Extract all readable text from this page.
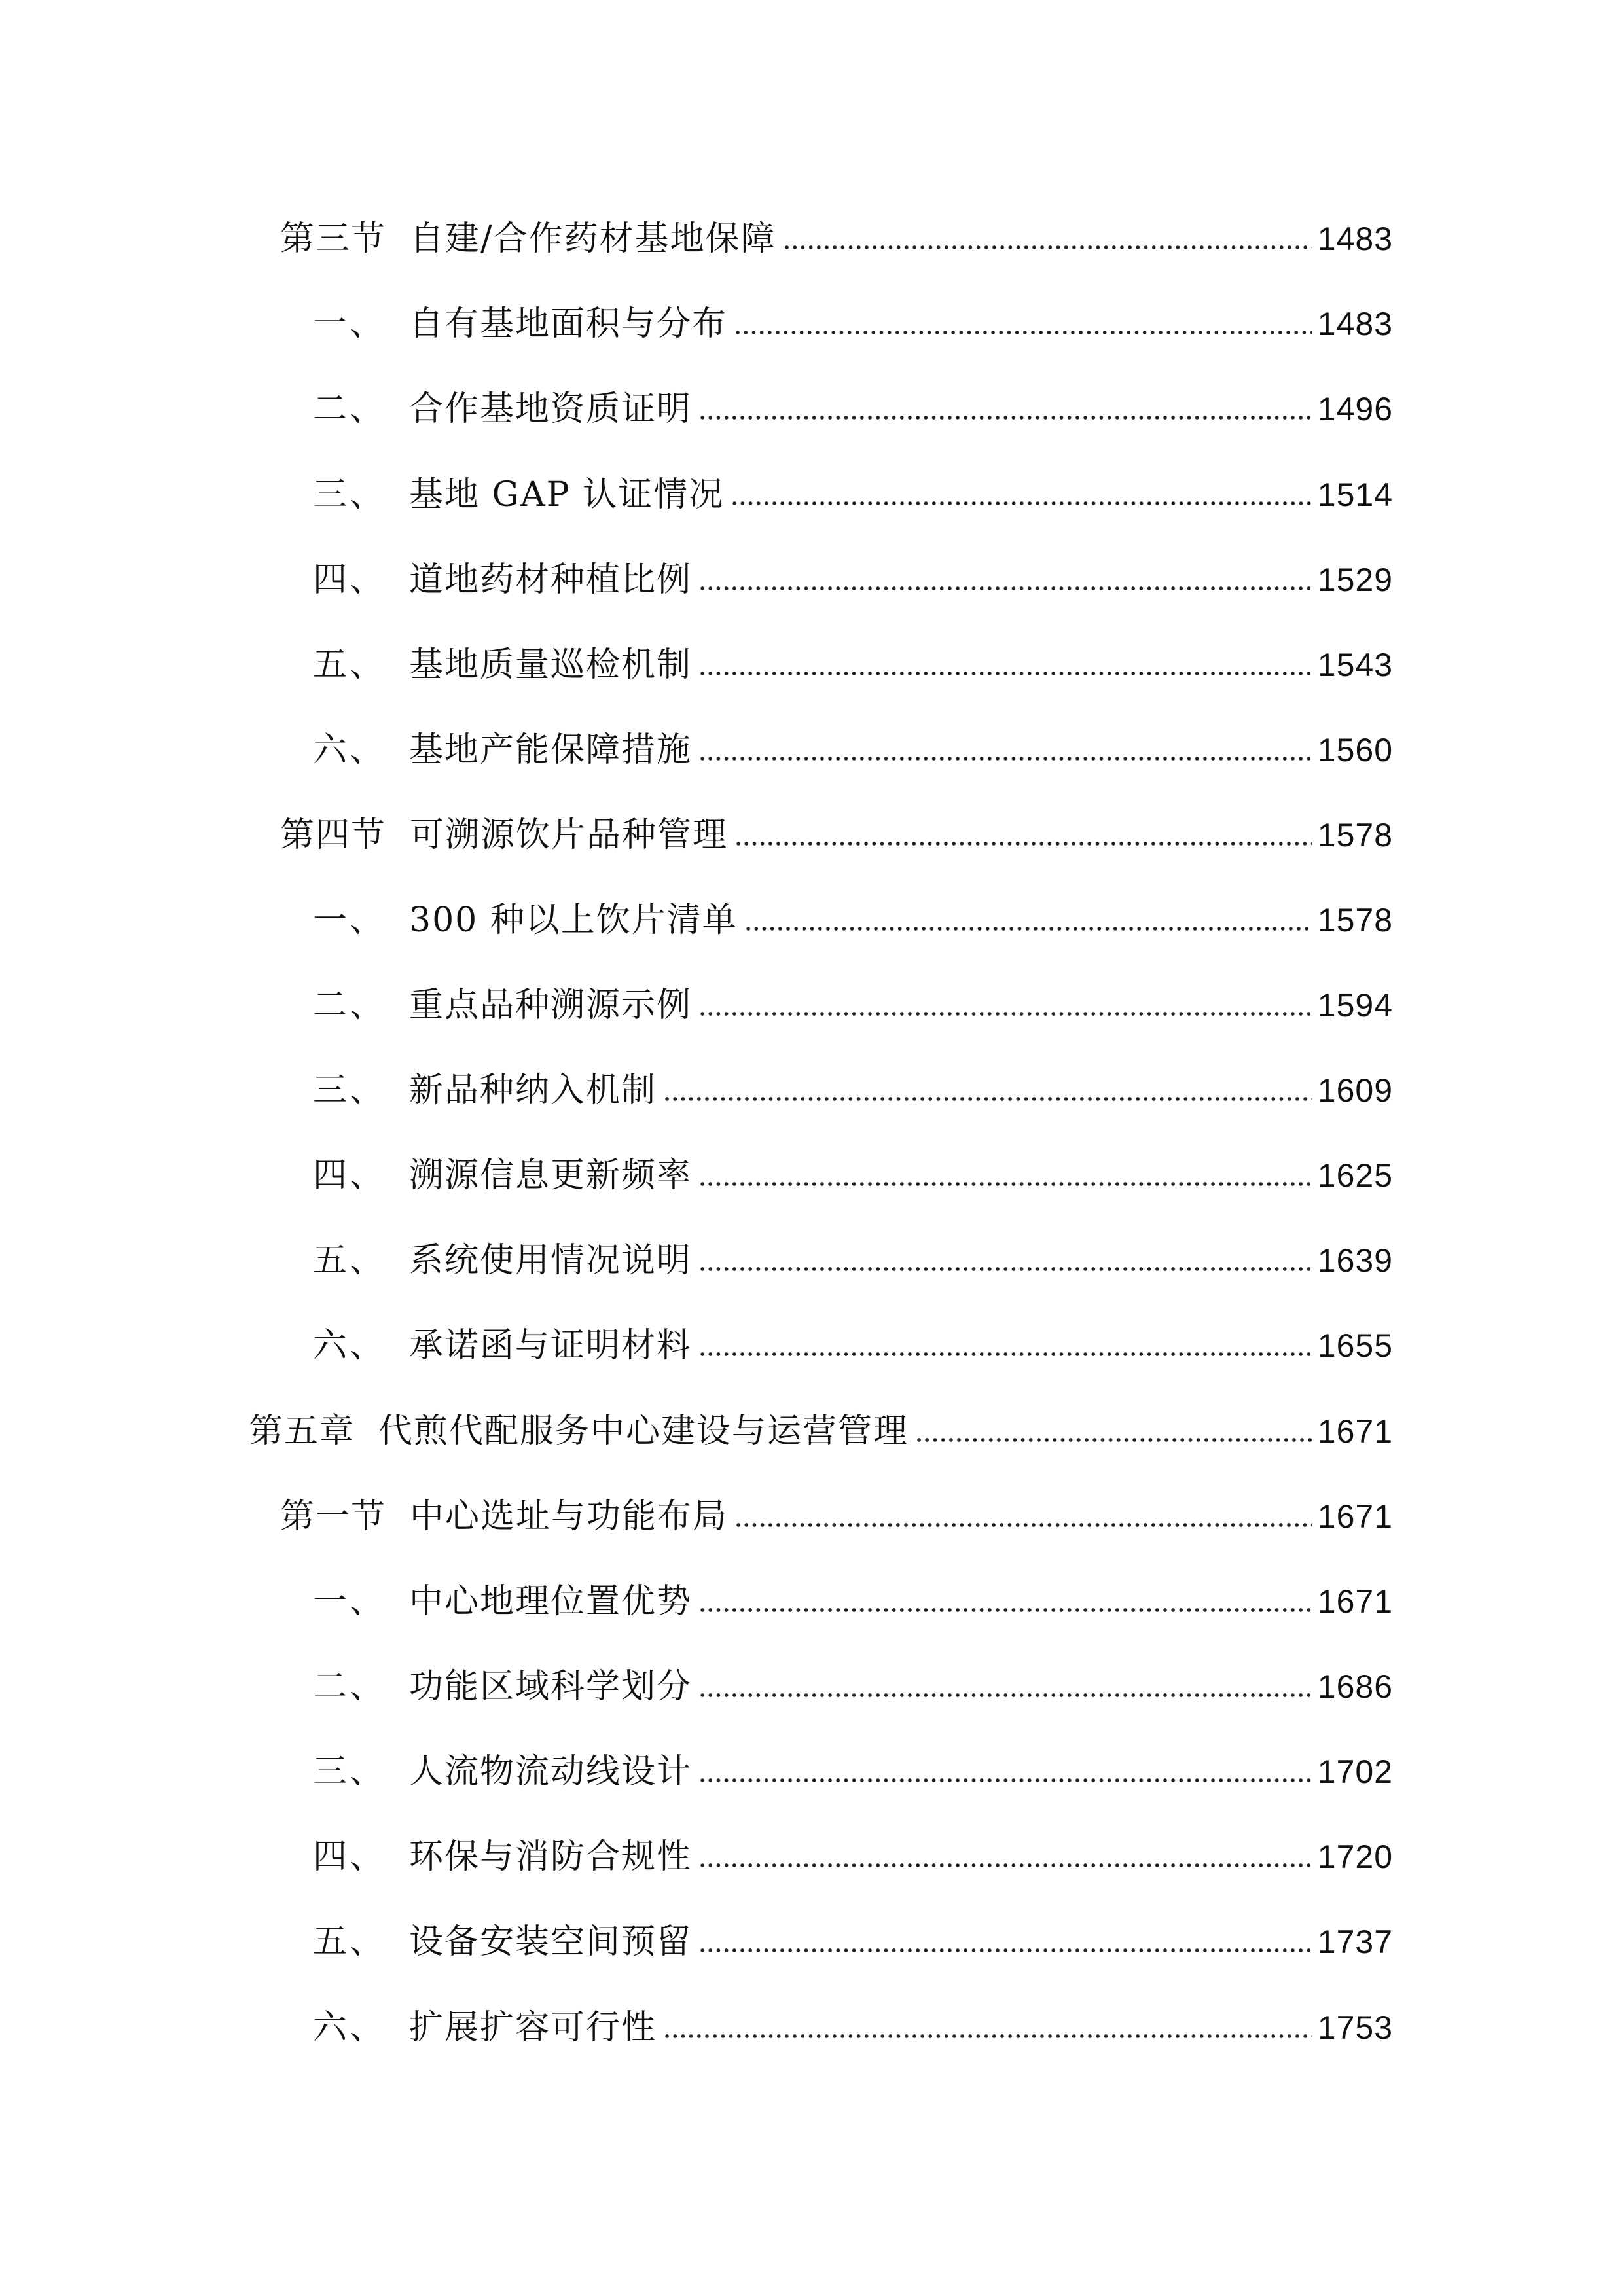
第三节 自建/合作药材基地保障	1483
一、 自有基地面积与分布	1483
二、 合作基地资质证明	1496
三、 基地 GAP 认证情况	1514
四、 道地药材种植比例	1529
五、 基地质量巡检机制	1543
六、 基地产能保障措施	1560
第四节 可溯源饮片品种管理	1578
一、 300 种以上饮片清单	1578
二、 重点品种溯源示例	1594
三、 新品种纳入机制	1609
四、 溯源信息更新频率	1625
五、 系统使用情况说明	1639
六、 承诺函与证明材料	1655
第五章 代煎代配服务中心建设与运营管理	1671
第一节 中心选址与功能布局	1671
一、 中心地理位置优势	1671
二、 功能区域科学划分	1686
三、 人流物流动线设计	1702
四、 环保与消防合规性	1720
五、 设备安装空间预留	1737
六、 扩展扩容可行性	1753
